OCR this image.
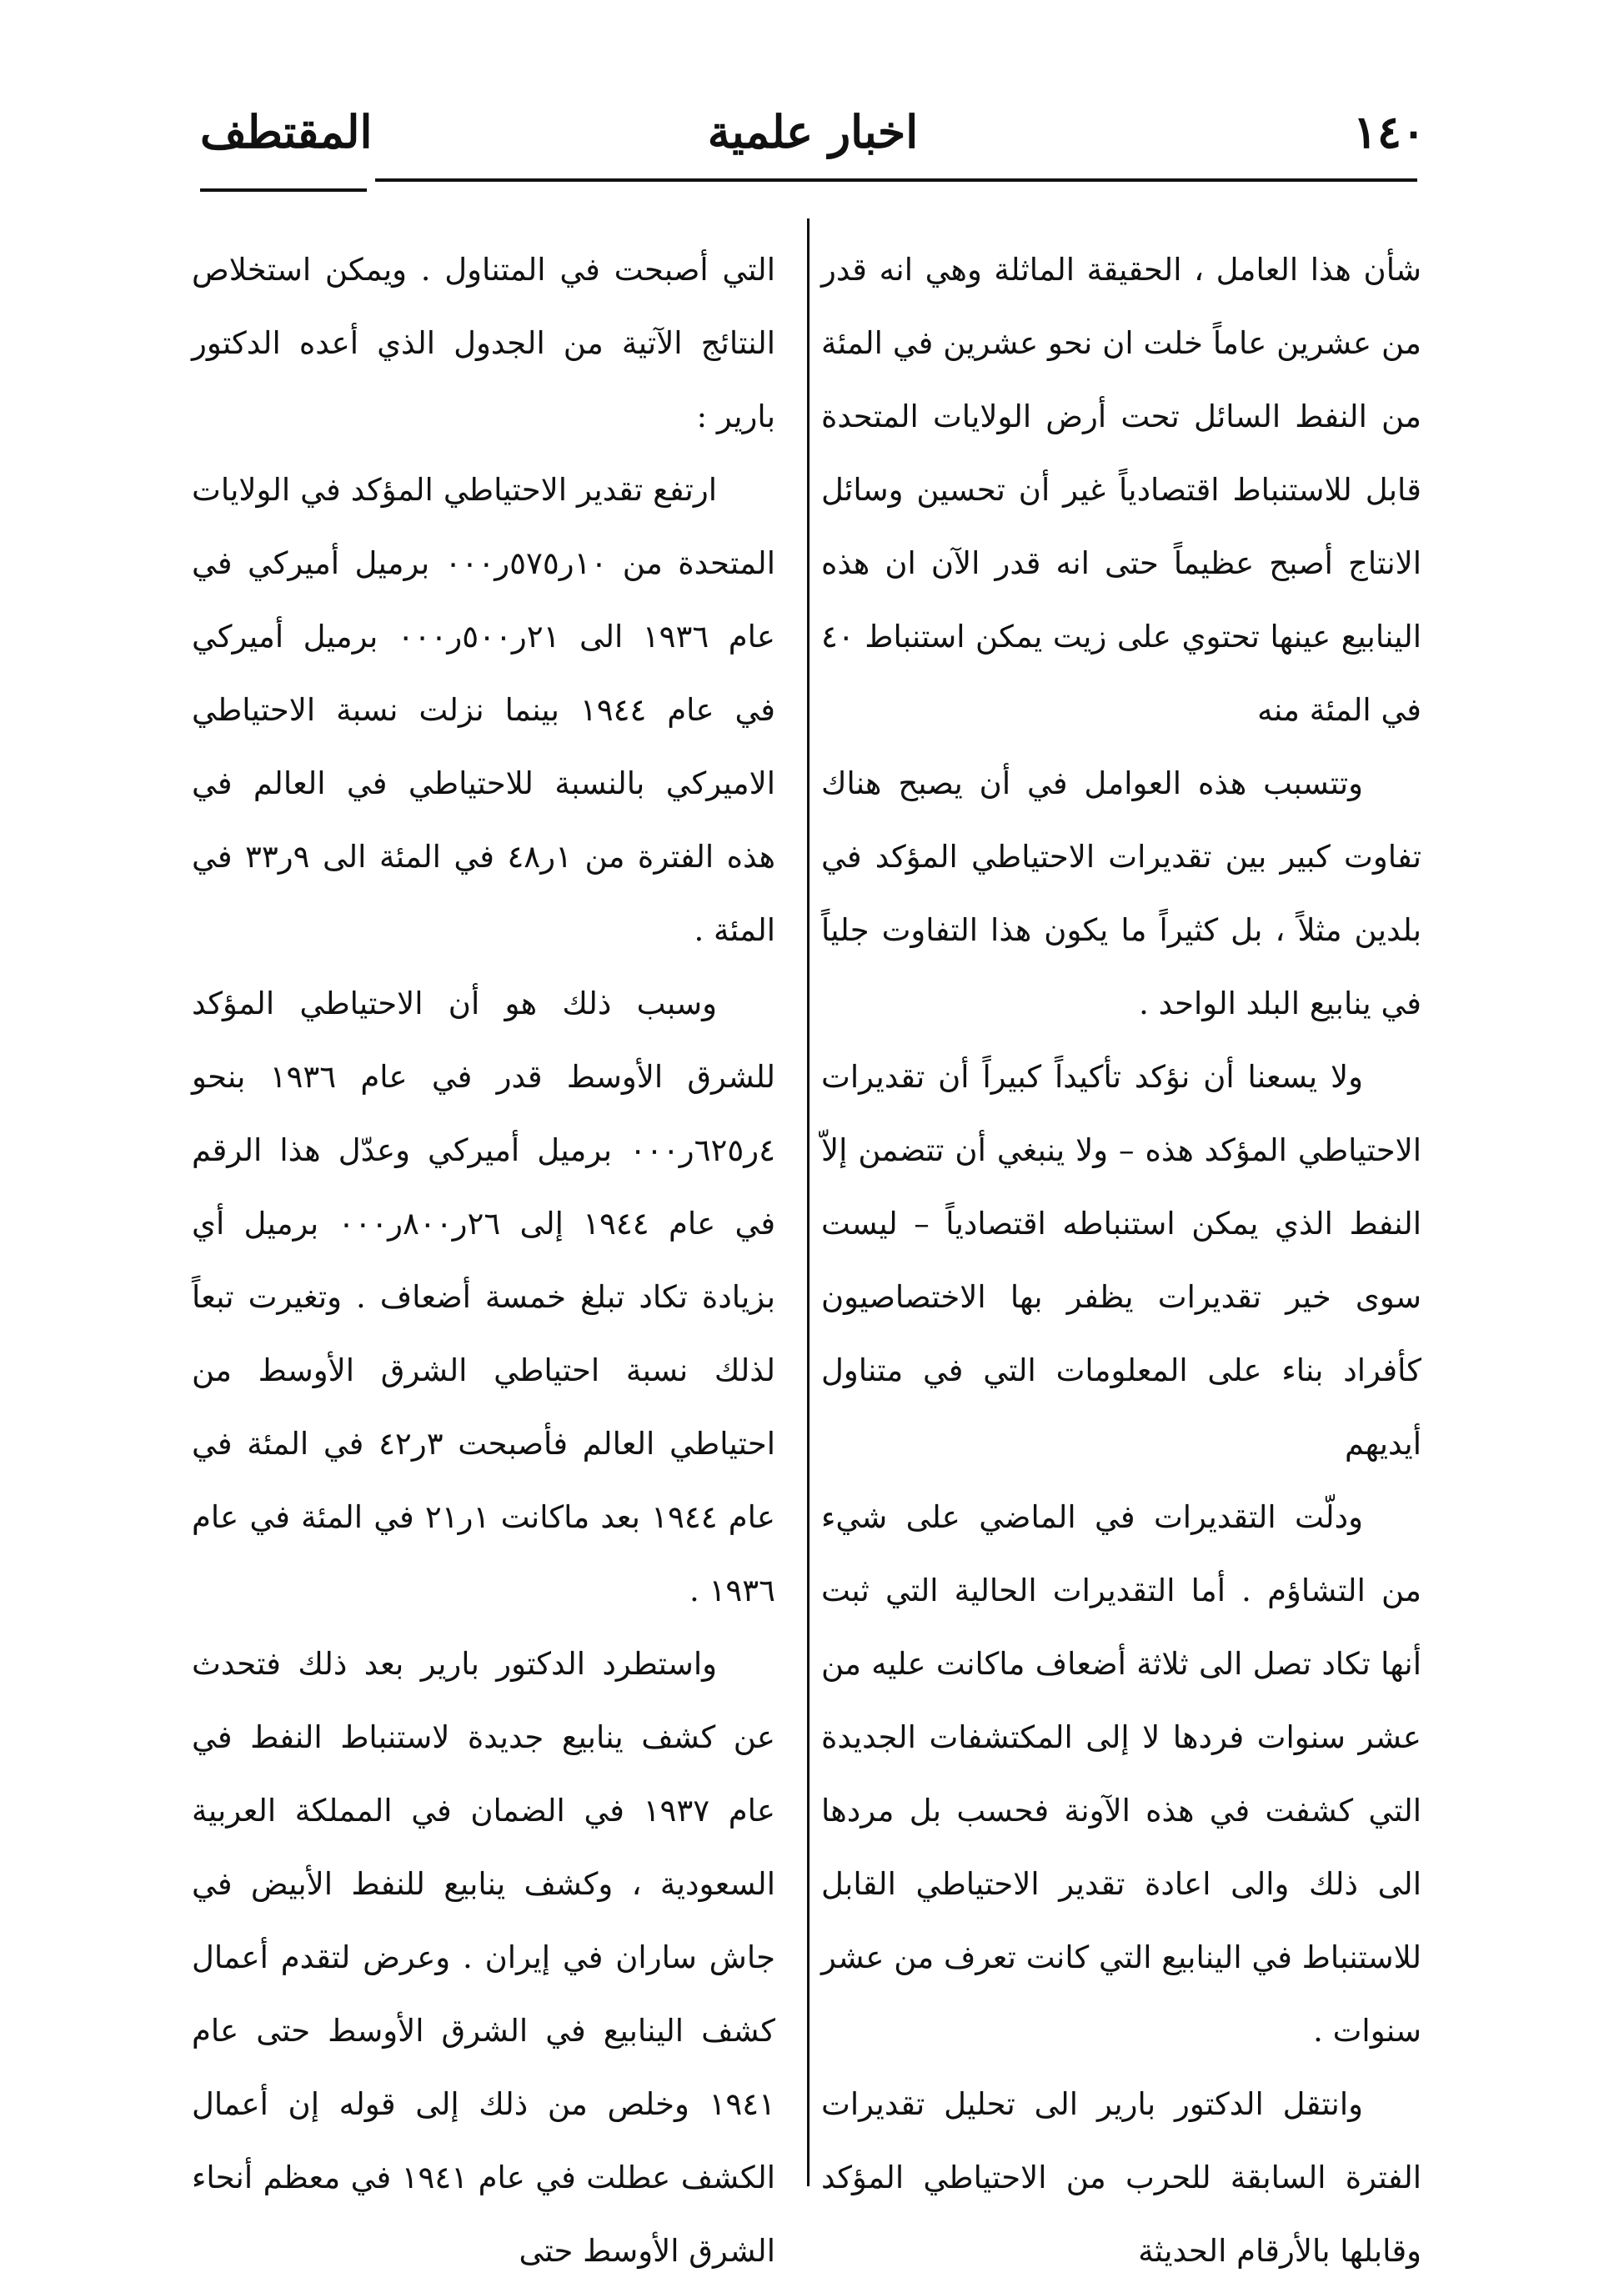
١٤٠
اخبار علمية
المقتطف

شأن هذا العامل ، الحقيقة الماثلة وهي انه قدر من عشرين عاماً خلت ان نحو عشرين في المئة من النفط السائل تحت أرض الولايات المتحدة قابل للاستنباط اقتصادياً غير أن تحسين وسائل الانتاج أصبح عظيماً حتى انه قدر الآن ان هذه الينابيع عينها تحتوي على زيت يمكن استنباط ٤٠ في المئة منه

وتتسبب هذه العوامل في أن يصبح هناك تفاوت كبير بين تقديرات الاحتياطي المؤكد في بلدين مثلاً ، بل كثيراً ما يكون هذا التفاوت جلياً في ينابيع البلد الواحد .

ولا يسعنا أن نؤكد تأكيداً كبيراً أن تقديرات الاحتياطي المؤكد هذه – ولا ينبغي أن تتضمن إلاّ النفط الذي يمكن استنباطه اقتصادياً – ليست سوى خير تقديرات يظفر بها الاختصاصيون كأفراد بناء على المعلومات التي في متناول أيديهم

ودلّت التقديرات في الماضي على شيء من التشاؤم . أما التقديرات الحالية التي ثبت أنها تكاد تصل الى ثلاثة أضعاف ماكانت عليه من عشر سنوات فردها لا إلى المكتشفات الجديدة التي كشفت في هذه الآونة فحسب بل مردها الى ذلك والى اعادة تقدير الاحتياطي القابل للاستنباط في الينابيع التي كانت تعرف من عشر سنوات .

وانتقل الدكتور بارير الى تحليل تقديرات الفترة السابقة للحرب من الاحتياطي المؤكد وقابلها بالأرقام الحديثة

التي أصبحت في المتناول . ويمكن استخلاص النتائج الآتية من الجدول الذي أعده الدكتور بارير :

ارتفع تقدير الاحتياطي المؤكد في الولايات المتحدة من ١٠ر٥٧٥ر٠٠٠ برميل أميركي في عام ١٩٣٦ الى ٢١ر٥٠٠ر٠٠٠ برميل أميركي في عام ١٩٤٤ بينما نزلت نسبة الاحتياطي الاميركي بالنسبة للاحتياطي في العالم في هذه الفترة من ١ر٤٨ في المئة الى ٩ر٣٣ في المئة .

وسبب ذلك هو أن الاحتياطي المؤكد للشرق الأوسط قدر في عام ١٩٣٦ بنحو ٤ر٦٢٥ر٠٠٠ برميل أميركي وعدّل هذا الرقم في عام ١٩٤٤ إلى ٢٦ر٨٠٠ر٠٠٠ برميل أي بزيادة تكاد تبلغ خمسة أضعاف . وتغيرت تبعاً لذلك نسبة احتياطي الشرق الأوسط من احتياطي العالم فأصبحت ٣ر٤٢ في المئة في عام ١٩٤٤ بعد ماكانت ١ر٢١ في المئة في عام ١٩٣٦ .

واستطرد الدكتور بارير بعد ذلك فتحدث عن كشف ينابيع جديدة لاستنباط النفط في عام ١٩٣٧ في الضمان في المملكة العربية السعودية ، وكشف ينابيع للنفط الأبيض في جاش ساران في إيران . وعرض لتقدم أعمال كشف الينابيع في الشرق الأوسط حتى عام ١٩٤١ وخلص من ذلك إلى قوله إن أعمال الكشف عطلت في عام ١٩٤١ في معظم أنحاء الشرق الأوسط حتى
